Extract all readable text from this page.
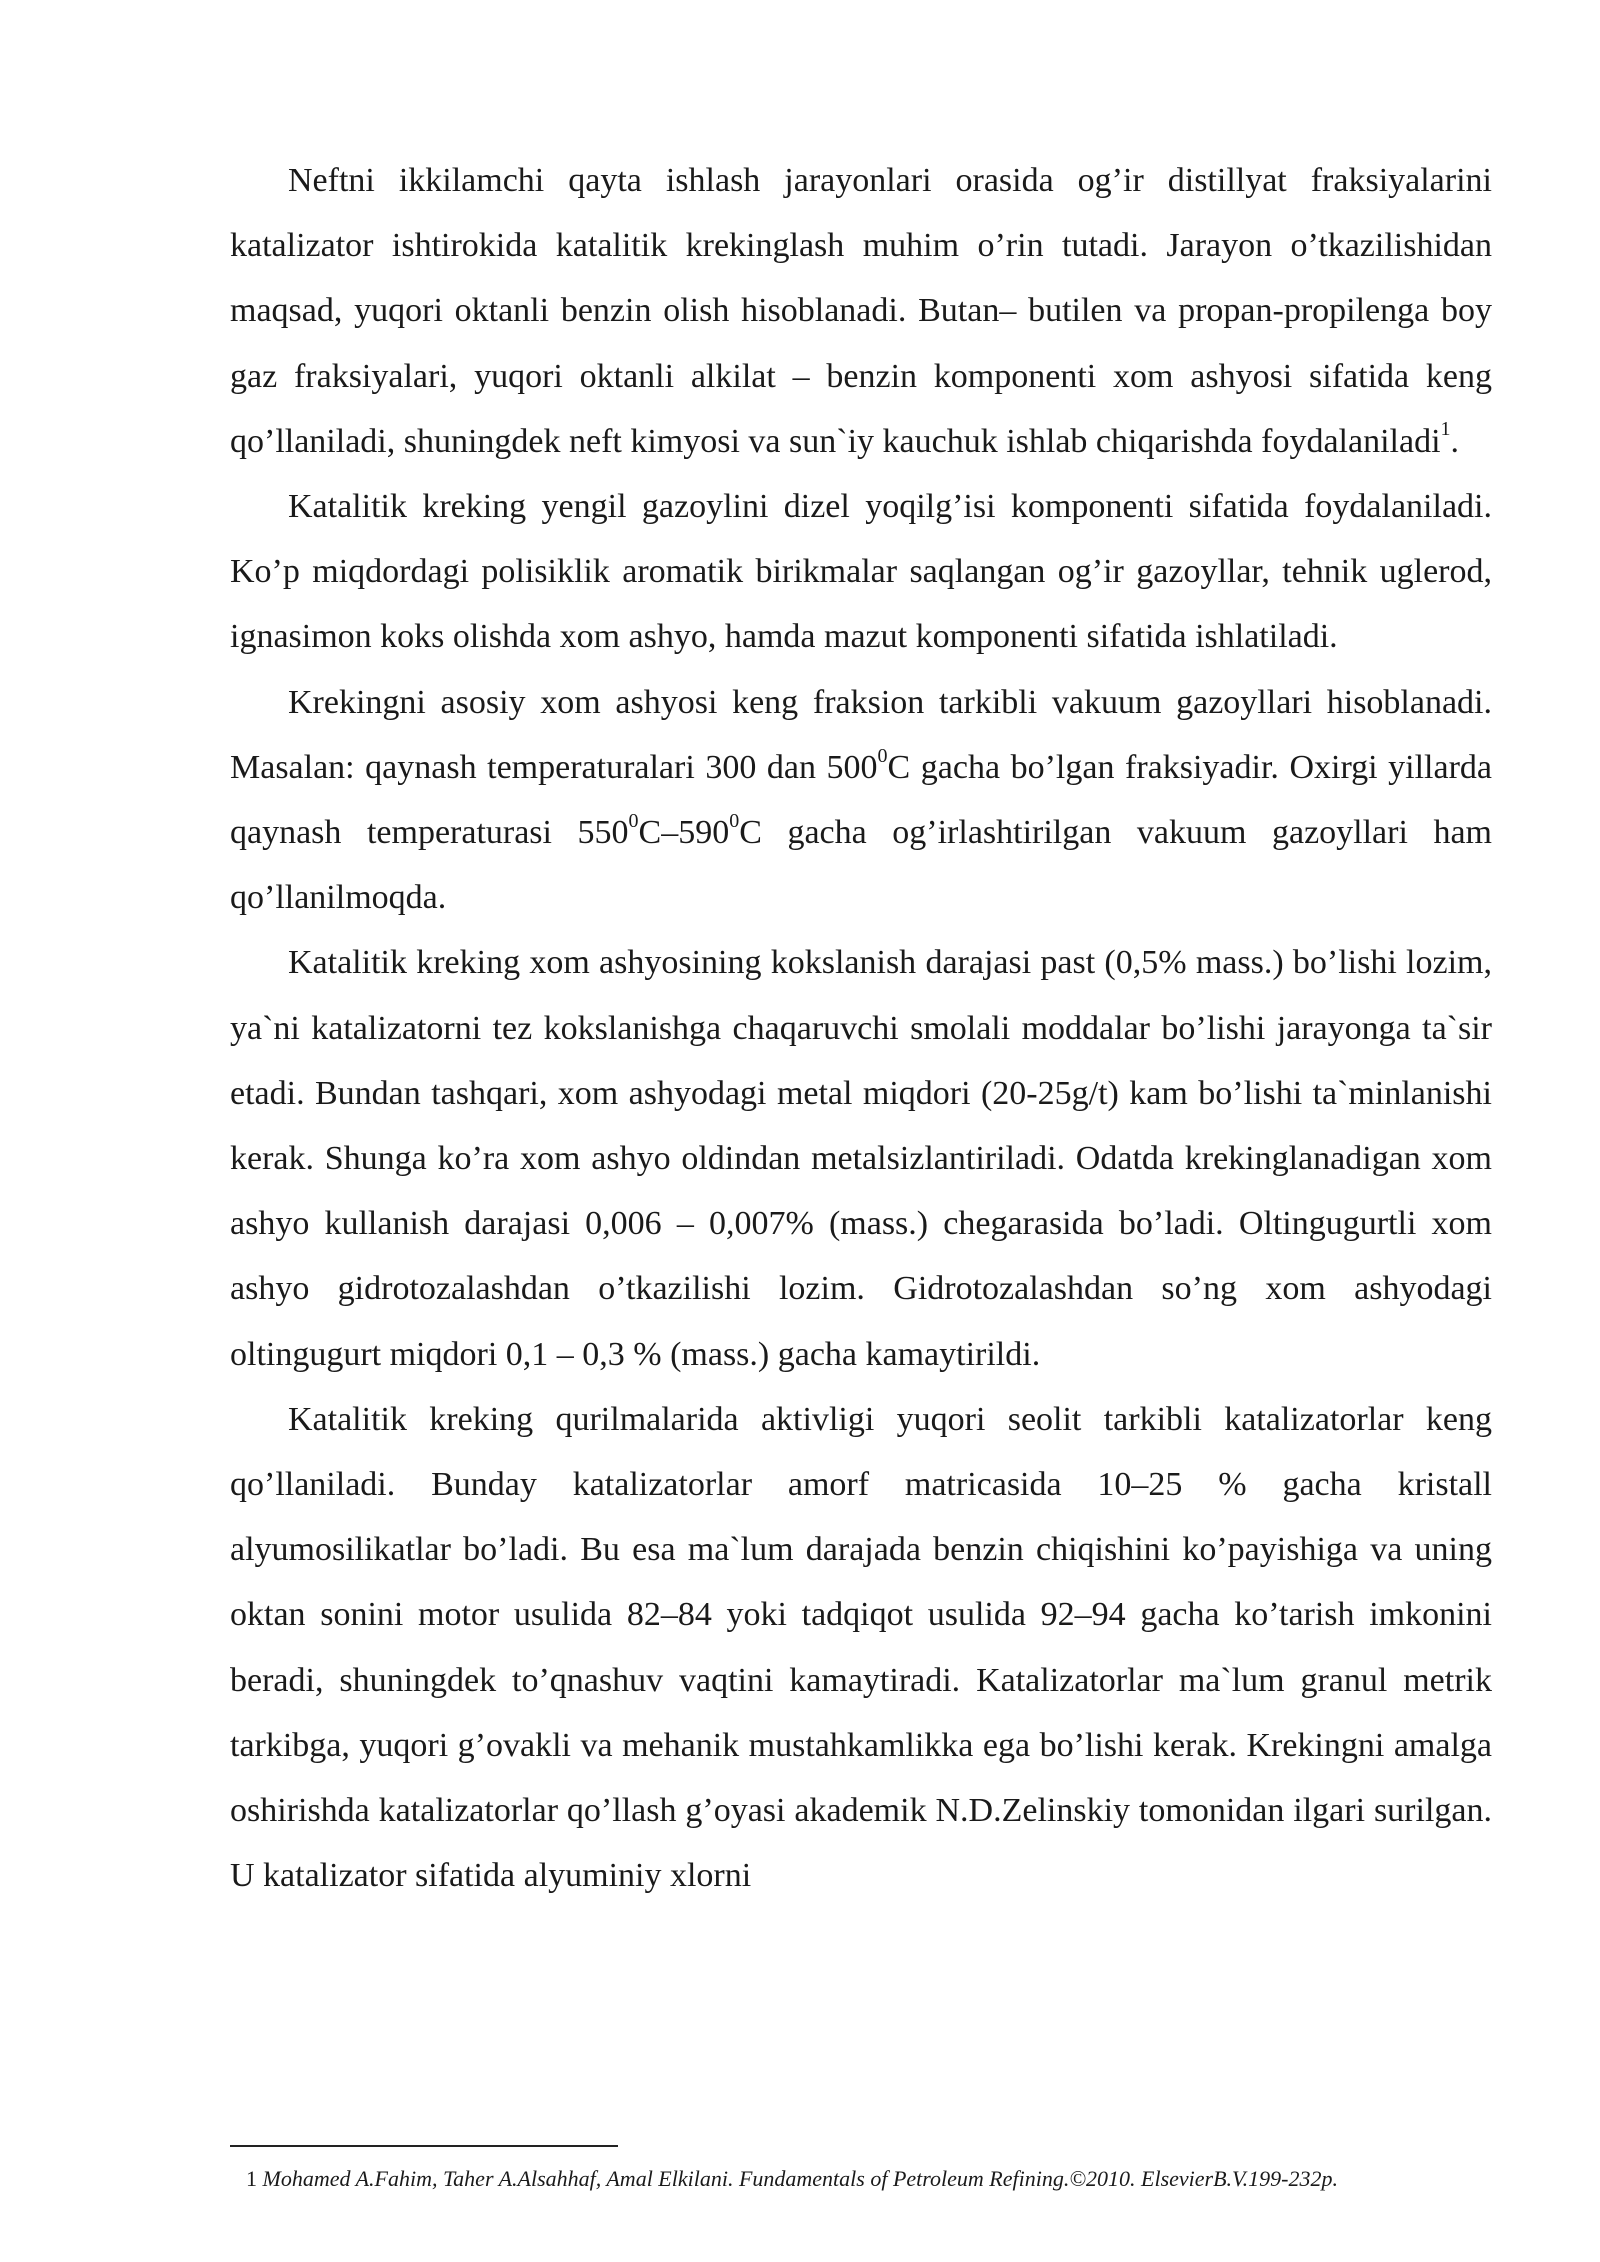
Neftni ikkilamchi qayta ishlash jarayonlari orasida og’ir distillyat fraksiyalarini katalizator ishtirokida katalitik krekinglash muhim o’rin tutadi. Jarayon o’tkazilishidan maqsad, yuqori oktanli benzin olish hisoblanadi. Butan– butilen va propan-propilenga boy gaz fraksiyalari, yuqori oktanli alkilat – benzin komponenti xom ashyosi sifatida keng qo’llaniladi, shuningdek neft kimyosi va sun`iy kauchuk ishlab chiqarishda foydalaniladi$^1$.

Katalitik kreking yengil gazoylini dizel yoqilg’isi komponenti sifatida foydalaniladi. Ko’p miqdordagi polisiklik aromatik birikmalar saqlangan og’ir gazoyllar, tehnik uglerod, ignasimon koks olishda xom ashyo, hamda mazut komponenti sifatida ishlatiladi.

Krekingni asosiy xom ashyosi keng fraksion tarkibli vakuum gazoyllari hisoblanadi. Masalan: qaynash temperaturalari 300 dan $500^0C$ gacha bo’lgan fraksiyadir. Oxirgi yillarda qaynash temperaturasi $550^0C-590^0C$ gacha og’irlashtirilgan vakuum gazoyllari ham qo’llanilmoqda.

Katalitik kreking xom ashyosining kokslanish darajasi past (0,5% mass.) bo’lishi lozim, ya`ni katalizatorni tez kokslanishga chaqaruvchi smolali moddalar bo’lishi jarayonga ta`sir etadi. Bundan tashqari, xom ashyodagi metal miqdori (20-25g/t) kam bo’lishi ta`minlanishi kerak. Shunga ko’ra xom ashyo oldindan metalsizlantiriladi. Odatda krekinglanadigan xom ashyo kullanish darajasi 0,006 – 0,007% (mass.) chegarasida bo’ladi. Oltingugurtli xom ashyo gidrotozalashdan o’tkazilishi lozim. Gidrotozalashdan so’ng xom ashyodagi oltingugurt miqdori 0,1 – 0,3 % (mass.) gacha kamaytirildi.

Katalitik kreking qurilmalarida aktivligi yuqori seolit tarkibli katalizatorlar keng qo’llaniladi. Bunday katalizatorlar amorf matricasida 10–25 % gacha kristall alyumosilikatlar bo’ladi. Bu esa ma`lum darajada benzin chiqishini ko’payishiga va uning oktan sonini motor usulida 82–84 yoki tadqiqot usulida 92–94 gacha ko’tarish imkonini beradi, shuningdek to’qnashuv vaqtini kamaytiradi. Katalizatorlar ma`lum granul metrik tarkibga, yuqori g’ovakli va mehanik mustahkamlikka ega bo’lishi kerak. Krekingni amalga oshirishda katalizatorlar qo’llash g’oyasi akademik N.D.Zelinskiy tomonidan ilgari surilgan. U katalizator sifatida alyuminiy xlorni

1 Mohamed A.Fahim, Taher A.Alsahhaf, Amal Elkilani. Fundamentals of Petroleum Refining.©2010. ElsevierB.V.199-232p.
